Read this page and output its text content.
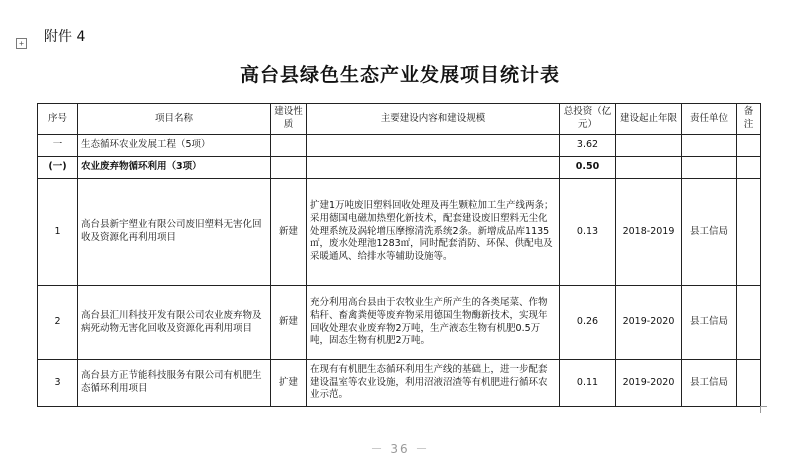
+ 附件 4
高台县绿色生态产业发展项目统计表
序号	项目名称	建设性质	主要建设内容和建设规模	总投资（亿元）	建设起止年限	责任单位	备注
一	生态循环农业发展工程（5项）			3.62			
(一)	农业废弃物循环利用（3项）			0.50			
1	高台县新宇塑业有限公司废旧塑料无害化回收及资源化再利用项目	新建	扩建1万吨废旧塑料回收处理及再生颗粒加工生产线两条；采用德国电磁加热塑化新技术，配套建设废旧塑料无尘化处理系统及涡轮增压摩擦清洗系统2条。新增成品库1135㎡，废水处理池1283㎡，同时配套消防、环保、供配电及采暖通风、给排水等辅助设施等。	0.13	2018-2019	县工信局	
2	高台县汇川科技开发有限公司农业废弃物及病死动物无害化回收及资源化再利用项目	新建	充分利用高台县由于农牧业生产所产生的各类尾菜、作物秸秆、畜禽粪便等废弃物采用德国生物酶新技术，实现年回收处理农业废弃物2万吨，生产液态生物有机肥0.5万吨，固态生物有机肥2万吨。	0.26	2019-2020	县工信局	
3	高台县方正节能科技服务有限公司有机肥生态循环利用项目	扩建	在现有有机肥生态循环利用生产线的基础上，进一步配套建设温室等农业设施，利用沼液沼渣等有机肥进行循环农业示范。	0.11	2019-2020	县工信局	
－ 36 －
